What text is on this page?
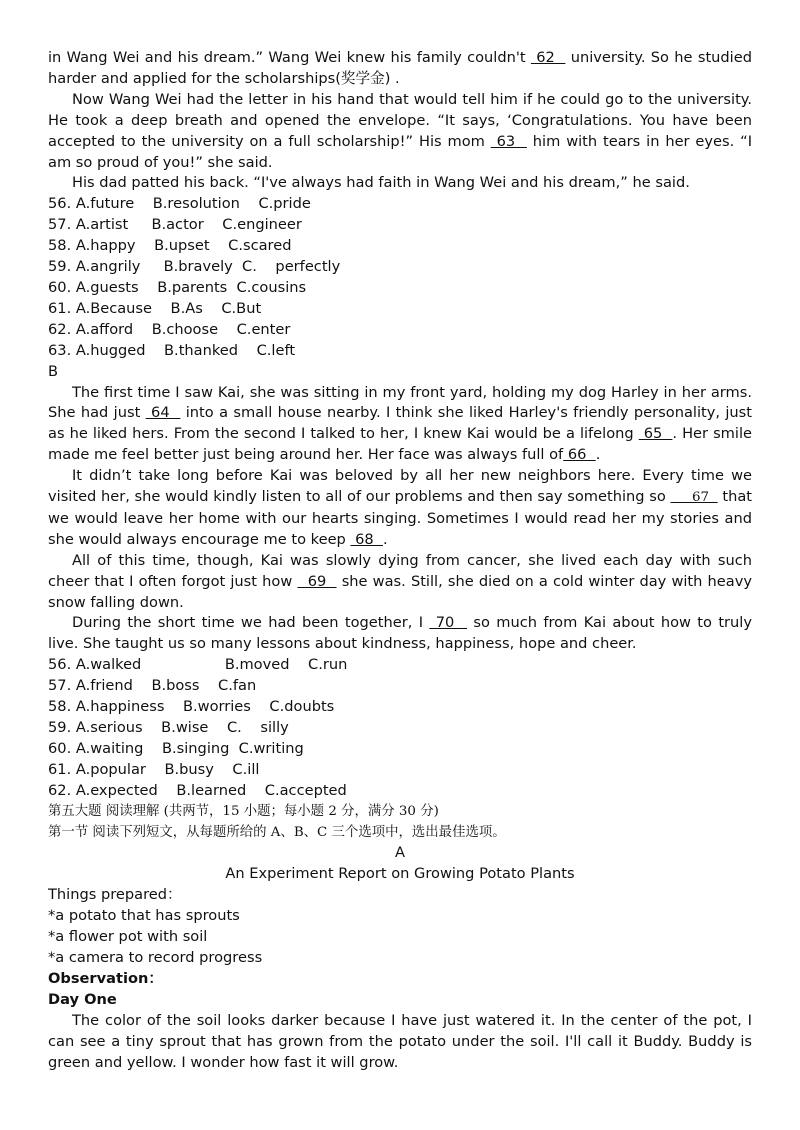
in Wang Wei and his dream.” Wang Wei knew his family couldn't  62   university. So he studied harder and applied for the scholarships(奖学金) .

Now Wang Wei had the letter in his hand that would tell him if he could go to the university. He took a deep breath and opened the envelope. “It says, ‘Congratulations. You have been accepted to the university on a full scholarship!” His mom  63   him with tears in her eyes. “I am so proud of you!” she said.

His dad patted his back. “I've always had faith in Wang Wei and his dream,” he said.

56. A.future    B.resolution    C.pride

57. A.artist     B.actor    C.engineer

58. A.happy    B.upset    C.scared

59. A.angrily     B.bravely  C.    perfectly

60. A.guests    B.parents  C.cousins

61. A.Because    B.As    C.But

62. A.afford    B.choose    C.enter

63. A.hugged    B.thanked    C.left

B

The first time I saw Kai, she was sitting in my front yard, holding my dog Harley in her arms. She had just  64   into a small house nearby. I think she liked Harley's friendly personality, just as he liked hers. From the second I talked to her, I knew Kai would be a lifelong  65  . Her smile made me feel better just being around her. Her face was always full of 66  .

It didn’t take long before Kai was beloved by all her new neighbors here. Every time we visited her, she would kindly listen to all of our problems and then say something so      67   that we would leave her home with our hearts singing. Sometimes I would read her my stories and she would always encourage me to keep  68  .

All of this time, though, Kai was slowly dying from cancer, she lived each day with such cheer that I often forgot just how   69   she was. Still, she died on a cold winter day with heavy snow falling down.

During the short time we had been together, I  70   so much from Kai about how to truly live. She taught us so many lessons about kindness, happiness, hope and cheer.

56. A.walked                  B.moved    C.run

57. A.friend    B.boss    C.fan

58. A.happiness    B.worries    C.doubts

59. A.serious    B.wise    C.    silly

60. A.waiting    B.singing  C.writing

61. A.popular    B.busy    C.ill

62. A.expected    B.learned    C.accepted

第五大题 阅读理解 (共两节，15 小题；每小题 2 分，满分 30 分)

第一节 阅读下列短文，从每题所给的 A、B、C 三个选项中，选出最佳选项。

A

An Experiment Report on Growing Potato Plants

Things prepared：

*a potato that has sprouts

*a flower pot with soil

*a camera to record progress

Observation：

Day One

The color of the soil looks darker because I have just watered it. In the center of the pot, I can see a tiny sprout that has grown from the potato under the soil. I'll call it Buddy. Buddy is green and yellow. I wonder how fast it will grow.
